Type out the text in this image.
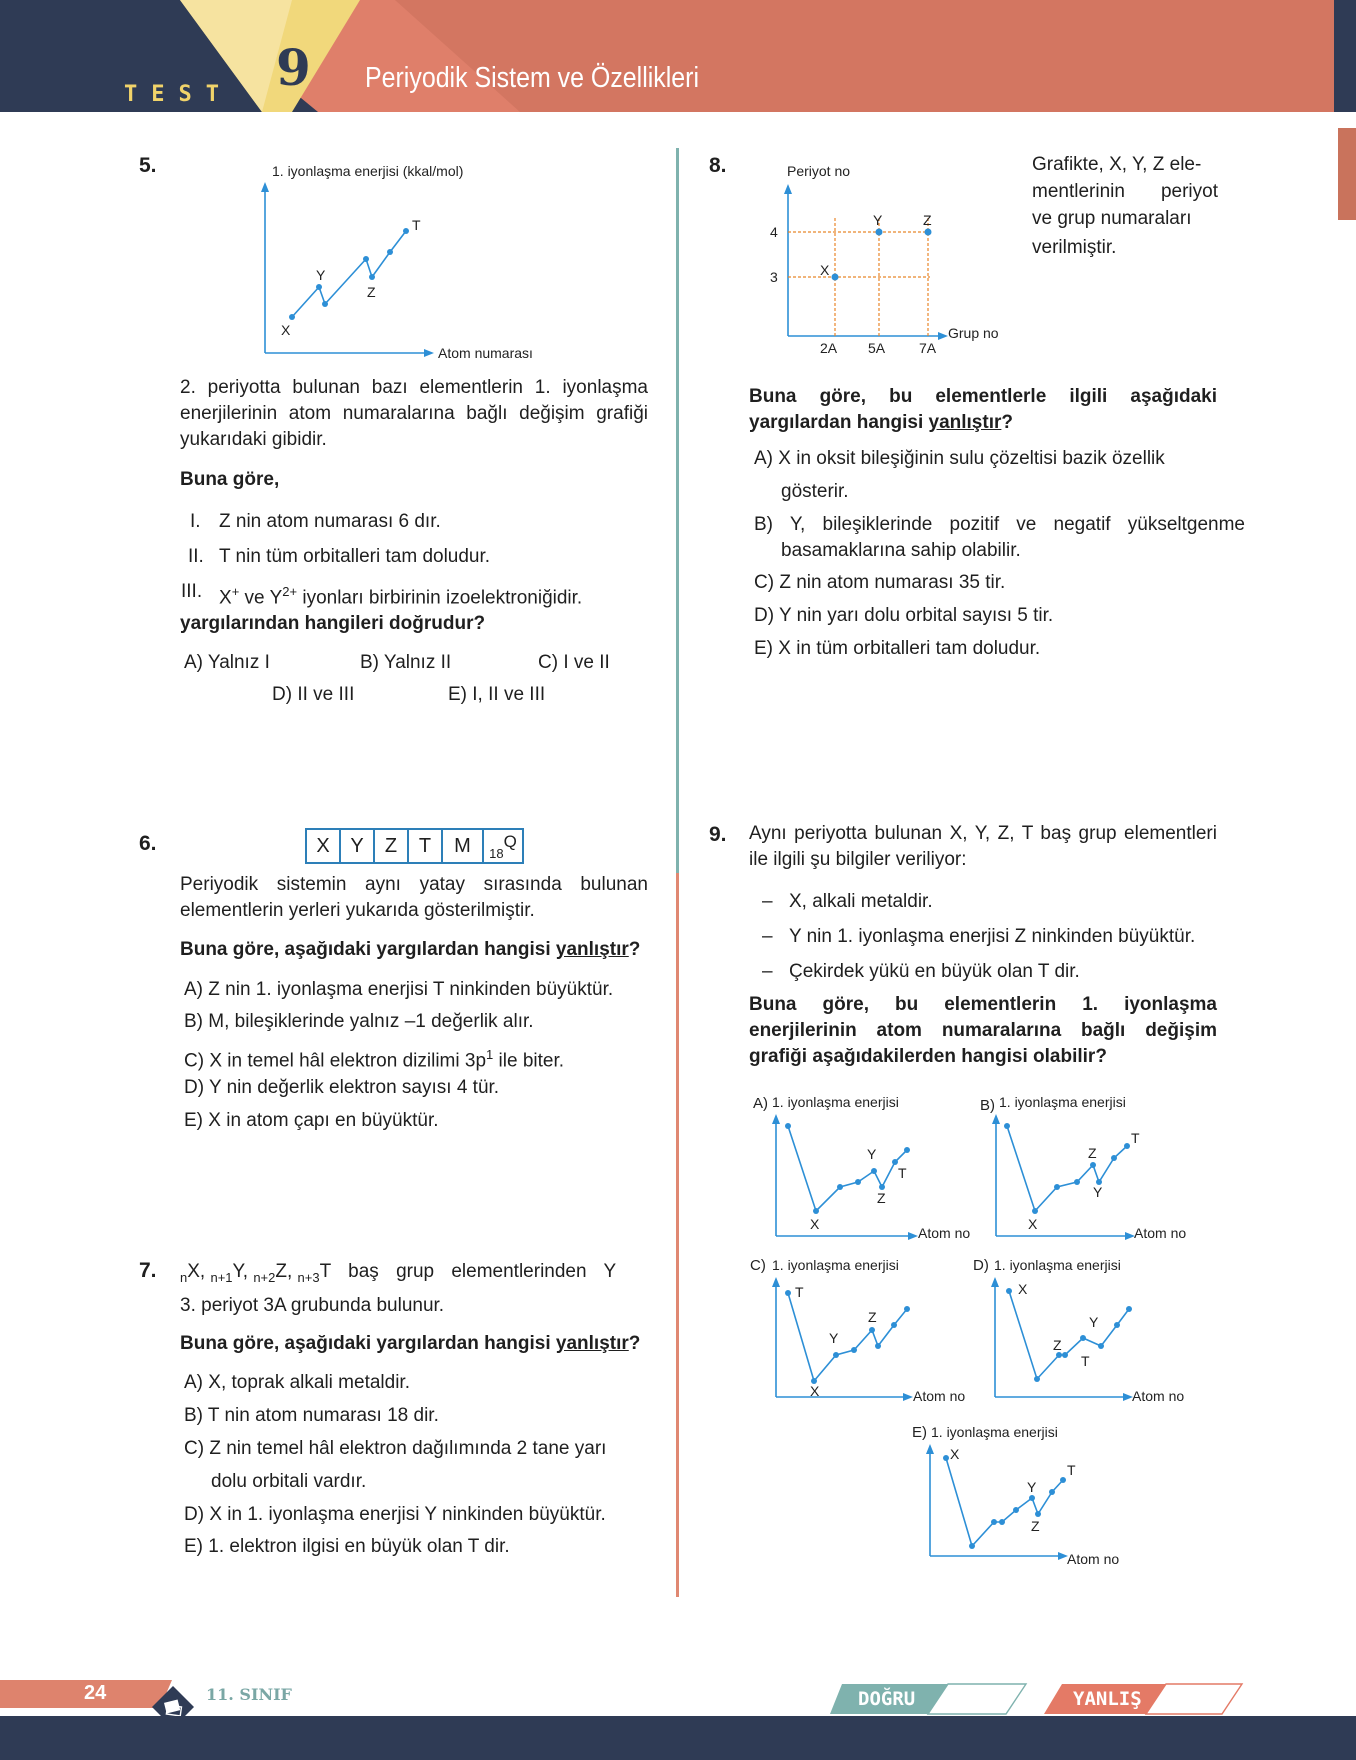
TEST 9 Periyodik Sistem ve Özellikleri
5.	1. iyonlaşma enerjisi (kkal/mol)
Atom numarası
X
Y
Z
T
2. periyotta bulunan bazı elementlerin 1. iyonlaşma enerjilerinin atom numaralarına bağlı değişim grafiği yukarıdaki gibidir.
Buna göre,
I. Z nin atom numarası 6 dır.
II. T nin tüm orbitalleri tam doludur.
III. X+ ve $Y^{2+}$ iyonları birbirinin izoelektroniğidir.
yargılarından hangileri doğrudur?
A) Yalnız I	B) Yalnız II	C) I ve II
D) II ve III	E) I, II ve III
6.	X	Y	Z	T	M	18
Q
Periyodik sistemin aynı yatay sırasında bulunan elementlerin yerleri yukarıda gösterilmiştir.
Buna göre, aşağıdaki yargılardan hangisi yanlıştır?
A) Z nin 1. iyonlaşma enerjisi T ninkinden büyüktür.
B) M, bileşiklerinde yalnız –1 değerlik alır.
C) X in temel hâl elektron dizilimi $3p^1$ ile biter.
D) Y nin değerlik elektron sayısı 4 tür.
E) X in atom çapı en büyüktür.
7. $_n$X, $_{n+1}$Y, $_{n+2}$Z, $_{n+3}$T baş grup elementlerinden Y
3. periyot 3A grubunda bulunur.
Buna göre, aşağıdaki yargılardan hangisi yanlıştır?
A) X, toprak alkali metaldir.
B) T nin atom numarası 18 dir.
C) Z nin temel hâl elektron dağılımında 2 tane yarı
dolu orbitali vardır.
D) X in 1. iyonlaşma enerjisi Y ninkinden büyüktür.
E) 1. elektron ilgisi en büyük olan T dir.
8.	Periyot no
Grup no
4
3
2A 5A 7A
X
Y	Z
Grafikte, X, Y, Z ele-
mentlerinin periyot
ve grup numaraları
verilmiştir.
Buna göre, bu elementlerle ilgili aşağıdaki yargılardan hangisi yanlıştır?
A) X in oksit bileşiğinin sulu çözeltisi bazik özellik
gösterir.
B) Y, bileşiklerinde pozitif ve negatif yükseltgenme basamaklarına sahip olabilir.
C) Z nin atom numarası 35 tir.
D) Y nin yarı dolu orbital sayısı 5 tir.
E) X in tüm orbitalleri tam doludur.
9. Aynı periyotta bulunan X, Y, Z, T baş grup elementleri ile ilgili şu bilgiler veriliyor:
– X, alkali metaldir.
– Y nin 1. iyonlaşma enerjisi Z ninkinden büyüktür.
– Çekirdek yükü en büyük olan T dir.
Buna göre, bu elementlerin 1. iyonlaşma enerjilerinin atom numaralarına bağlı değişim grafiği aşağıdakilerden hangisi olabilir?
A) 1. iyonlaşma enerjisi
Atom no
X
Y
Z
T
B) 1. iyonlaşma enerjisi
Atom no
X
Z
Y
T
C) 1. iyonlaşma enerjisi
Atom no
T
X
Y
Z
D) 1. iyonlaşma enerjisi
Atom no
X
Z
T
Y
E) 1. iyonlaşma enerjisi
Atom no
X
Y
Z
T
24	11. SINIF	DOĞRU	YANLIŞ
